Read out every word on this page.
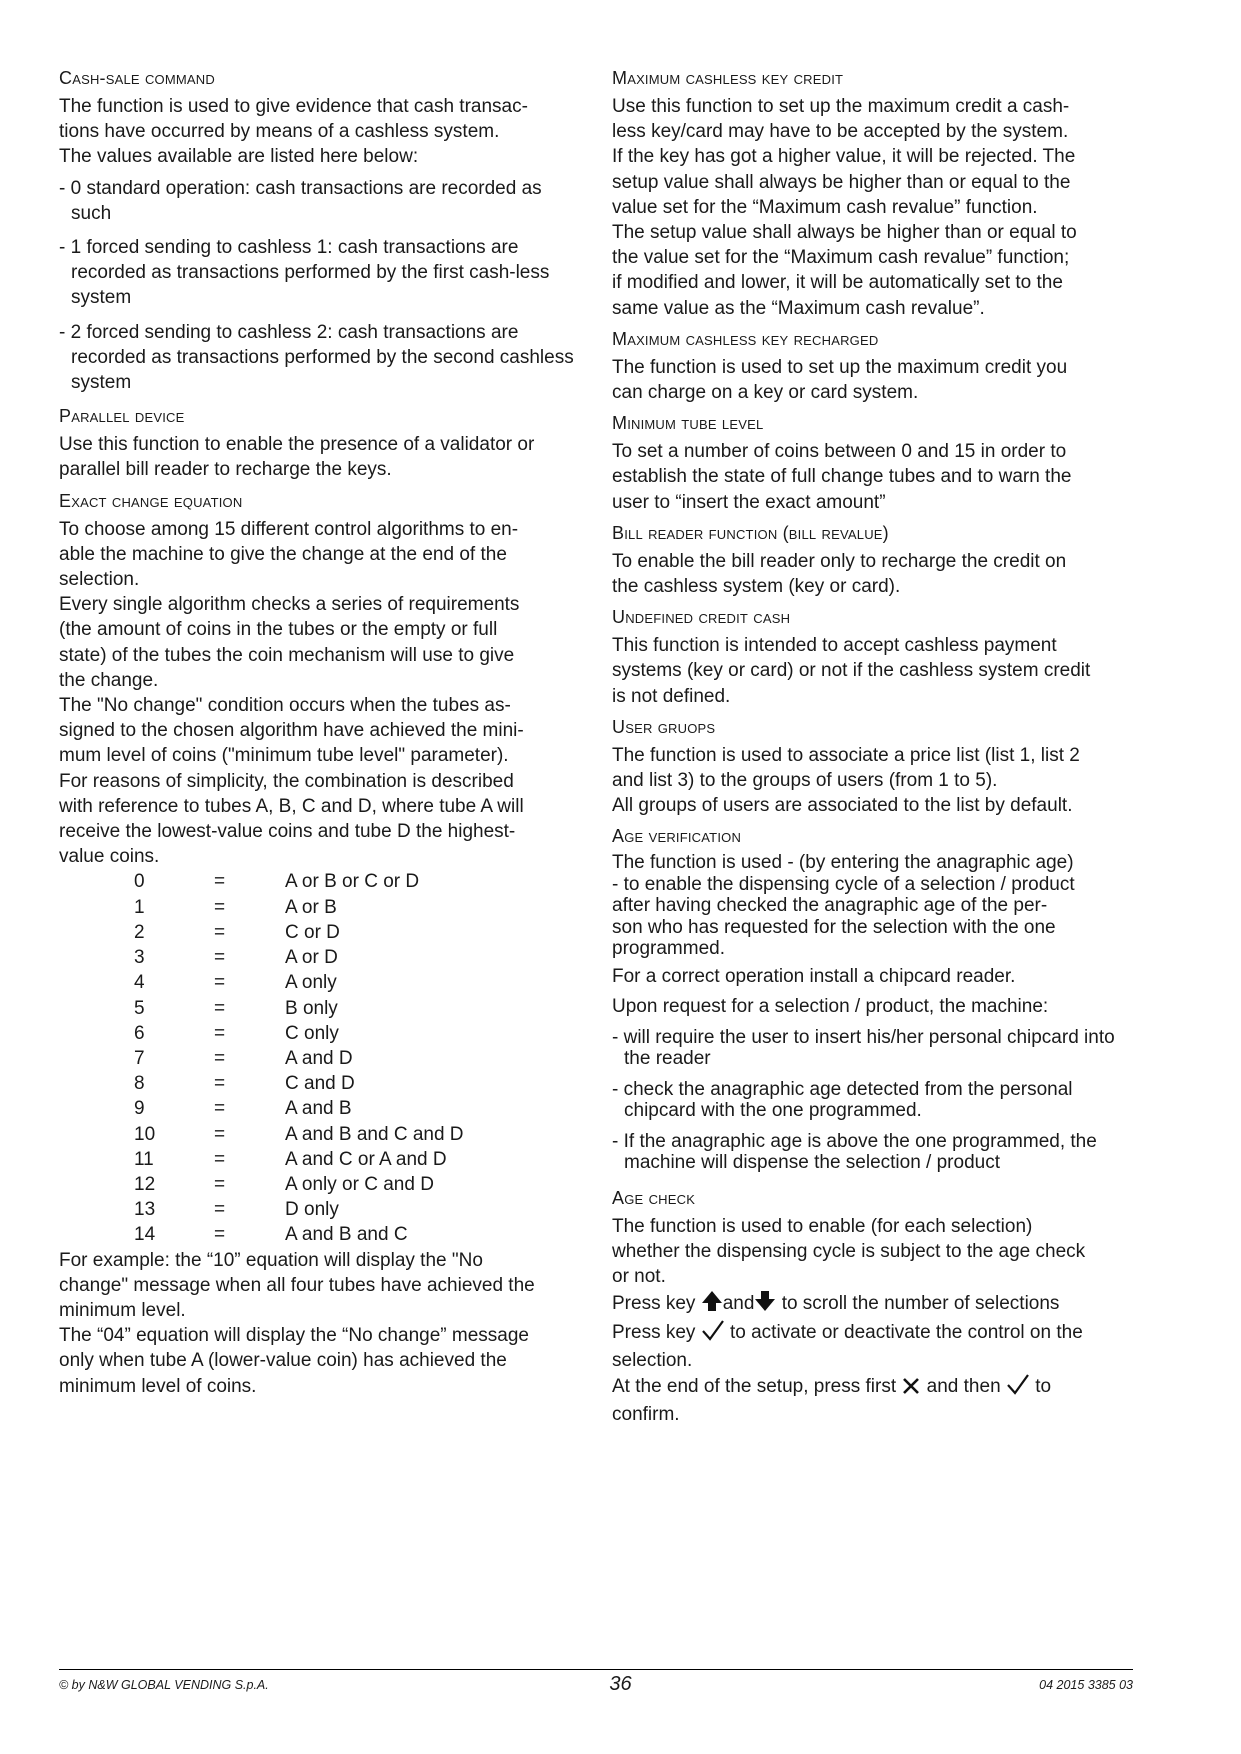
Cash-sale command
The function is used to give evidence that cash transac-
tions have occurred by means of a cashless system.
The values available are listed here below:
- 0 standard operation: cash transactions are recorded as such
- 1 forced sending to cashless 1: cash transactions are recorded as transactions performed by the first cash-less system
- 2 forced sending to cashless 2: cash transactions are recorded as transactions performed by the second cashless system
Parallel device
Use this function to enable the presence of a validator or
parallel bill reader to recharge the keys.
Exact change equation
To choose among 15 different control algorithms to en-
able the machine to give the change at the end of the
selection.
Every single algorithm checks a series of requirements
(the amount of coins in the tubes or the empty or full
state) of the tubes the coin mechanism will use to give
the change.
The "No change" condition occurs when the tubes as-
signed to the chosen algorithm have achieved the mini-
mum level of coins ("minimum tube level" parameter).
For reasons of simplicity, the combination is described
with reference to tubes A, B, C and D, where tube A will
receive the lowest-value coins and tube D the highest-
value coins.
0	=	A or B or C or D
1	=	A or B
2	=	C or D
3	=	A or D
4	=	A only
5	=	B only
6	=	C only
7	=	A and D
8	=	C and D
9	=	A and B
10	=	A and B and C and D
11	=	A and C or A and D
12	=	A only or C and D
13	=	D only
14	=	A and B and C
For example: the “10” equation will display the "No
change" message when all four tubes have achieved the
minimum level.
The “04” equation will display the “No change” message
only when tube A (lower-value coin) has achieved the
minimum level of coins.
Maximum cashless key credit
Use this function to set up the maximum credit a cash-
less key/card may have to be accepted by the system.
If the key has got a higher value, it will be rejected. The
setup value shall always be higher than or equal to the
value set for the “Maximum cash revalue” function.
The setup value shall always be higher than or equal to
the value set for the “Maximum cash revalue” function;
if modified and lower, it will be automatically set to the
same value as the “Maximum cash revalue”.
Maximum cashless key recharged
The function is used to set up the maximum credit you
can charge on a key or card system.
Minimum tube level
To set a number of coins between 0 and 15 in order to
establish the state of full change tubes and to warn the
user to “insert the exact amount”
Bill reader function (bill revalue)
To enable the bill reader only to recharge the credit on
the cashless system (key or card).
Undefined credit cash
This function is intended to accept cashless payment
systems (key or card) or not if the cashless system credit
is not defined.
User gruops
The function is used to associate a price list (list 1, list 2
and list 3) to the groups of users (from 1 to 5).
All groups of users are associated to the list by default.
Age verification
The function is used - (by entering the anagraphic age)
- to enable the dispensing cycle of a selection / product
after having checked the anagraphic age of the per-
son who has requested for the selection with the one
programmed.
For a correct operation install a chipcard reader.
Upon request for a selection / product, the machine:
- will require the user to insert his/her personal chipcard into the reader
- check the anagraphic age detected from the personal chipcard with the one programmed.
- If the anagraphic age is above the one programmed, the machine will dispense the selection / product
Age check
The function is used to enable (for each selection)
whether the dispensing cycle is subject to the age check
or not.
Press key and to scroll the number of selections
Press key to activate or deactivate the control on the
selection.
At the end of the setup, press first and then to
confirm.
© by N&W GLOBAL VENDING S.p.A.	36	04 2015 3385 03
